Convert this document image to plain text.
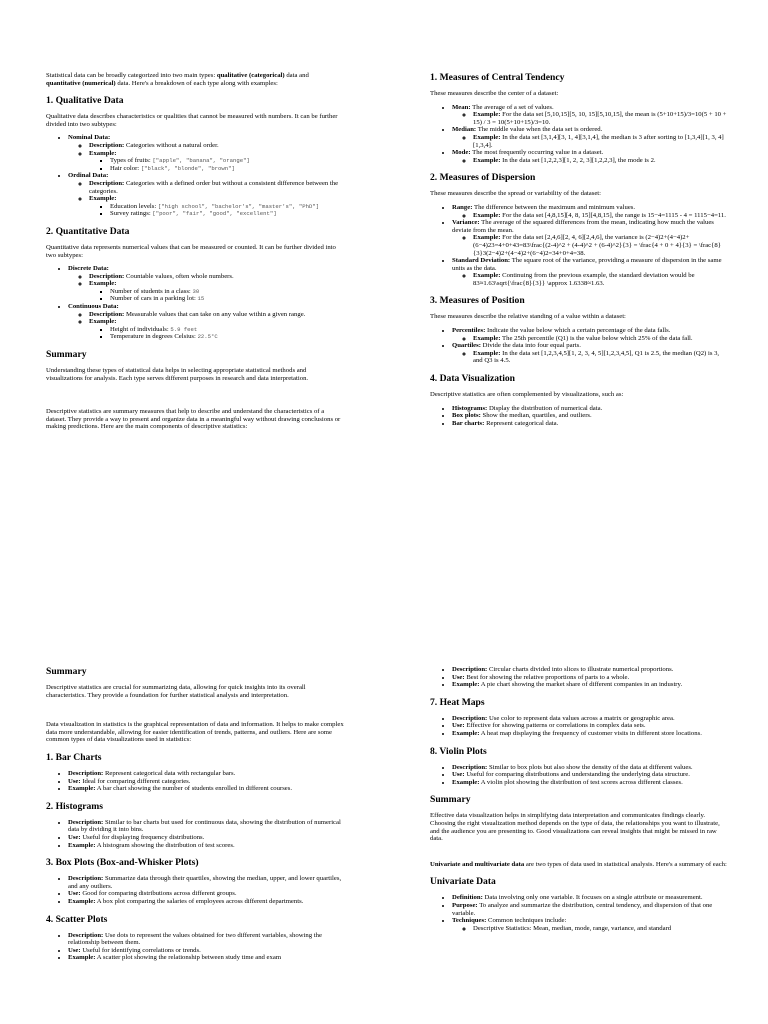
Statistical data can be broadly categorized into two main types: qualitative (categorical) data and quantitative (numerical) data. Here's a breakdown of each type along with examples:

1. Qualitative Data

Qualitative data describes characteristics or qualities that cannot be measured with numbers. It can be further divided into two subtypes:

• Nominal Data:
◦ Description: Categories without a natural order.
◦ Example:
▪ Types of fruits: ["apple", "banana", "orange"]
▪ Hair color: ["black", "blonde", "brown"]
• Ordinal Data:
◦ Description: Categories with a defined order but without a consistent difference between the categories.
◦ Example:
▪ Education levels: ["high school", "bachelor's", "master's", "PhD"]
▪ Survey ratings: ["poor", "fair", "good", "excellent"]
2. Quantitative Data

Quantitative data represents numerical values that can be measured or counted. It can be further divided into two subtypes:

• Discrete Data:
◦ Description: Countable values, often whole numbers.
◦ Example:
▪ Number of students in a class: 30
▪ Number of cars in a parking lot: 15
• Continuous Data:
◦ Description: Measurable values that can take on any value within a given range.
◦ Example:
▪ Height of individuals: 5.9 feet
▪ Temperature in degrees Celsius: 22.5°C
Summary

Understanding these types of statistical data helps in selecting appropriate statistical methods and visualizations for analysis. Each type serves different purposes in research and data interpretation.

Descriptive statistics are summary measures that help to describe and understand the characteristics of a dataset. They provide a way to present and organize data in a meaningful way without drawing conclusions or making predictions. Here are the main components of descriptive statistics:

1. Measures of Central Tendency

These measures describe the center of a dataset:

• Mean: The average of a set of values.
◦ Example: For the data set [5,10,15][5, 10, 15][5,10,15], the mean is (5+10+15)/3=10(5 + 10 + 15) / 3 = 10(5+10+15)/3=10.
• Median: The middle value when the data set is ordered.
◦ Example: In the data set [3,1,4][3, 1, 4][3,1,4], the median is 3 after sorting to [1,3,4][1, 3, 4][1,3,4].
• Mode: The most frequently occurring value in a dataset.
◦ Example: In the data set [1,2,2,3][1, 2, 2, 3][1,2,2,3], the mode is 2.
2. Measures of Dispersion

These measures describe the spread or variability of the dataset:

• Range: The difference between the maximum and minimum values.
◦ Example: For the data set [4,8,15][4, 8, 15][4,8,15], the range is 15−4=1115 - 4 = 1115−4=11.
• Variance: The average of the squared differences from the mean, indicating how much the values deviate from the mean.
◦ Example: For the data set [2,4,6][2, 4, 6][2,4,6], the variance is (2−4)2+(4−4)2+(6−4)23=4+0+43=83\frac{(2-4)^2 + (4-4)^2 + (6-4)^2}{3} = \frac{4 + 0 + 4}{3} = \frac{8}{3}3(2−4)2+(4−4)2+(6−4)2=34+0+4=38.
• Standard Deviation: The square root of the variance, providing a measure of dispersion in the same units as the data.
◦ Example: Continuing from the previous example, the standard deviation would be 83≈1.63\sqrt{\frac{8}{3}} \approx 1.6338≈1.63.
3. Measures of Position

These measures describe the relative standing of a value within a dataset:

• Percentiles: Indicate the value below which a certain percentage of the data falls.
◦ Example: The 25th percentile (Q1) is the value below which 25% of the data fall.
• Quartiles: Divide the data into four equal parts.
◦ Example: In the data set [1,2,3,4,5][1, 2, 3, 4, 5][1,2,3,4,5], Q1 is 2.5, the median (Q2) is 3, and Q3 is 4.5.
4. Data Visualization

Descriptive statistics are often complemented by visualizations, such as:

• Histograms: Display the distribution of numerical data.
• Box plots: Show the median, quartiles, and outliers.
• Bar charts: Represent categorical data.
Summary

Descriptive statistics are crucial for summarizing data, allowing for quick insights into its overall characteristics. They provide a foundation for further statistical analysis and interpretation.

Data visualization in statistics is the graphical representation of data and information. It helps to make complex data more understandable, allowing for easier identification of trends, patterns, and outliers. Here are some common types of data visualizations used in statistics:

1. Bar Charts
• Description: Represent categorical data with rectangular bars.
• Use: Ideal for comparing different categories.
• Example: A bar chart showing the number of students enrolled in different courses.
2. Histograms
• Description: Similar to bar charts but used for continuous data, showing the distribution of numerical data by dividing it into bins.
• Use: Useful for displaying frequency distributions.
• Example: A histogram showing the distribution of test scores.
3. Box Plots (Box-and-Whisker Plots)
• Description: Summarize data through their quartiles, showing the median, upper, and lower quartiles, and any outliers.
• Use: Good for comparing distributions across different groups.
• Example: A box plot comparing the salaries of employees across different departments.
4. Scatter Plots
• Description: Use dots to represent the values obtained for two different variables, showing the relationship between them.
• Use: Useful for identifying correlations or trends.
• Example: A scatter plot showing the relationship between study time and exam
• Description: Circular charts divided into slices to illustrate numerical proportions.
• Use: Best for showing the relative proportions of parts to a whole.
• Example: A pie chart showing the market share of different companies in an industry.
7. Heat Maps
• Description: Use color to represent data values across a matrix or geographic area.
• Use: Effective for showing patterns or correlations in complex data sets.
• Example: A heat map displaying the frequency of customer visits in different store locations.
8. Violin Plots
• Description: Similar to box plots but also show the density of the data at different values.
• Use: Useful for comparing distributions and understanding the underlying data structure.
• Example: A violin plot showing the distribution of test scores across different classes.
Summary

Effective data visualization helps in simplifying data interpretation and communicates findings clearly. Choosing the right visualization method depends on the type of data, the relationships you want to illustrate, and the audience you are presenting to. Good visualizations can reveal insights that might be missed in raw data.

Univariate and multivariate data are two types of data used in statistical analysis. Here's a summary of each:

Univariate Data
• Definition: Data involving only one variable. It focuses on a single attribute or measurement.
• Purpose: To analyze and summarize the distribution, central tendency, and dispersion of that one variable.
• Techniques: Common techniques include:
◦ Descriptive Statistics: Mean, median, mode, range, variance, and standard
